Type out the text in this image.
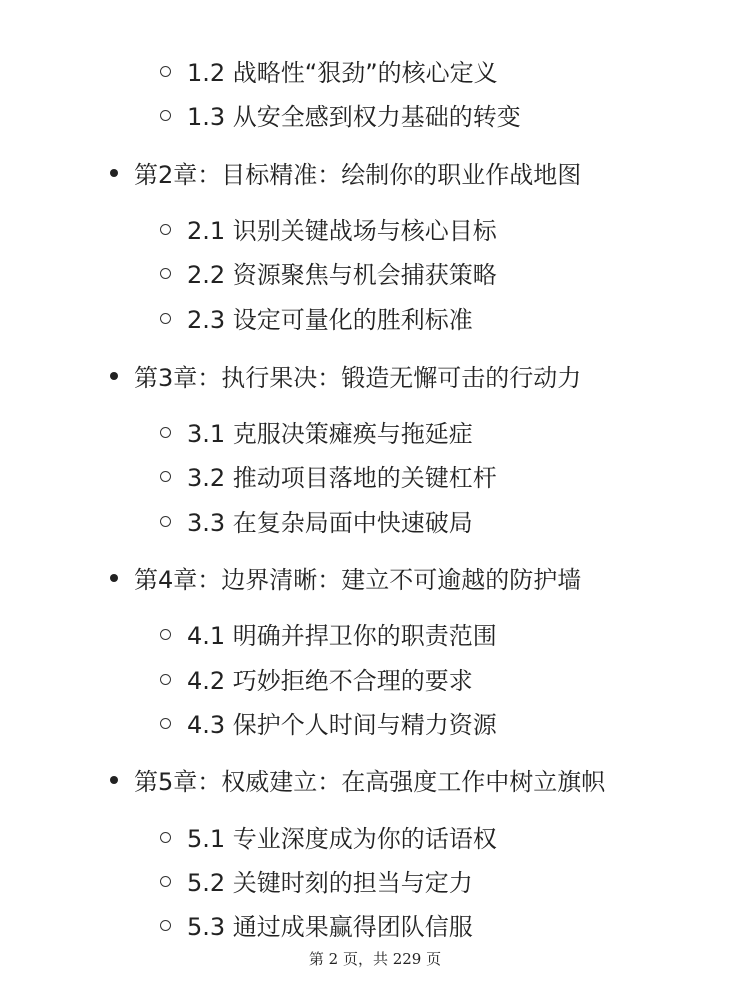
1.2 战略性“狠劲”的核心定义
1.3 从安全感到权力基础的转变
第2章：目标精准：绘制你的职业作战地图
2.1 识别关键战场与核心目标
2.2 资源聚焦与机会捕获策略
2.3 设定可量化的胜利标准
第3章：执行果决：锻造无懈可击的行动力
3.1 克服决策瘫痪与拖延症
3.2 推动项目落地的关键杠杆
3.3 在复杂局面中快速破局
第4章：边界清晰：建立不可逾越的防护墙
4.1 明确并捍卫你的职责范围
4.2 巧妙拒绝不合理的要求
4.3 保护个人时间与精力资源
第5章：权威建立：在高强度工作中树立旗帜
5.1 专业深度成为你的话语权
5.2 关键时刻的担当与定力
5.3 通过成果赢得团队信服
第 2 页，共 229 页
